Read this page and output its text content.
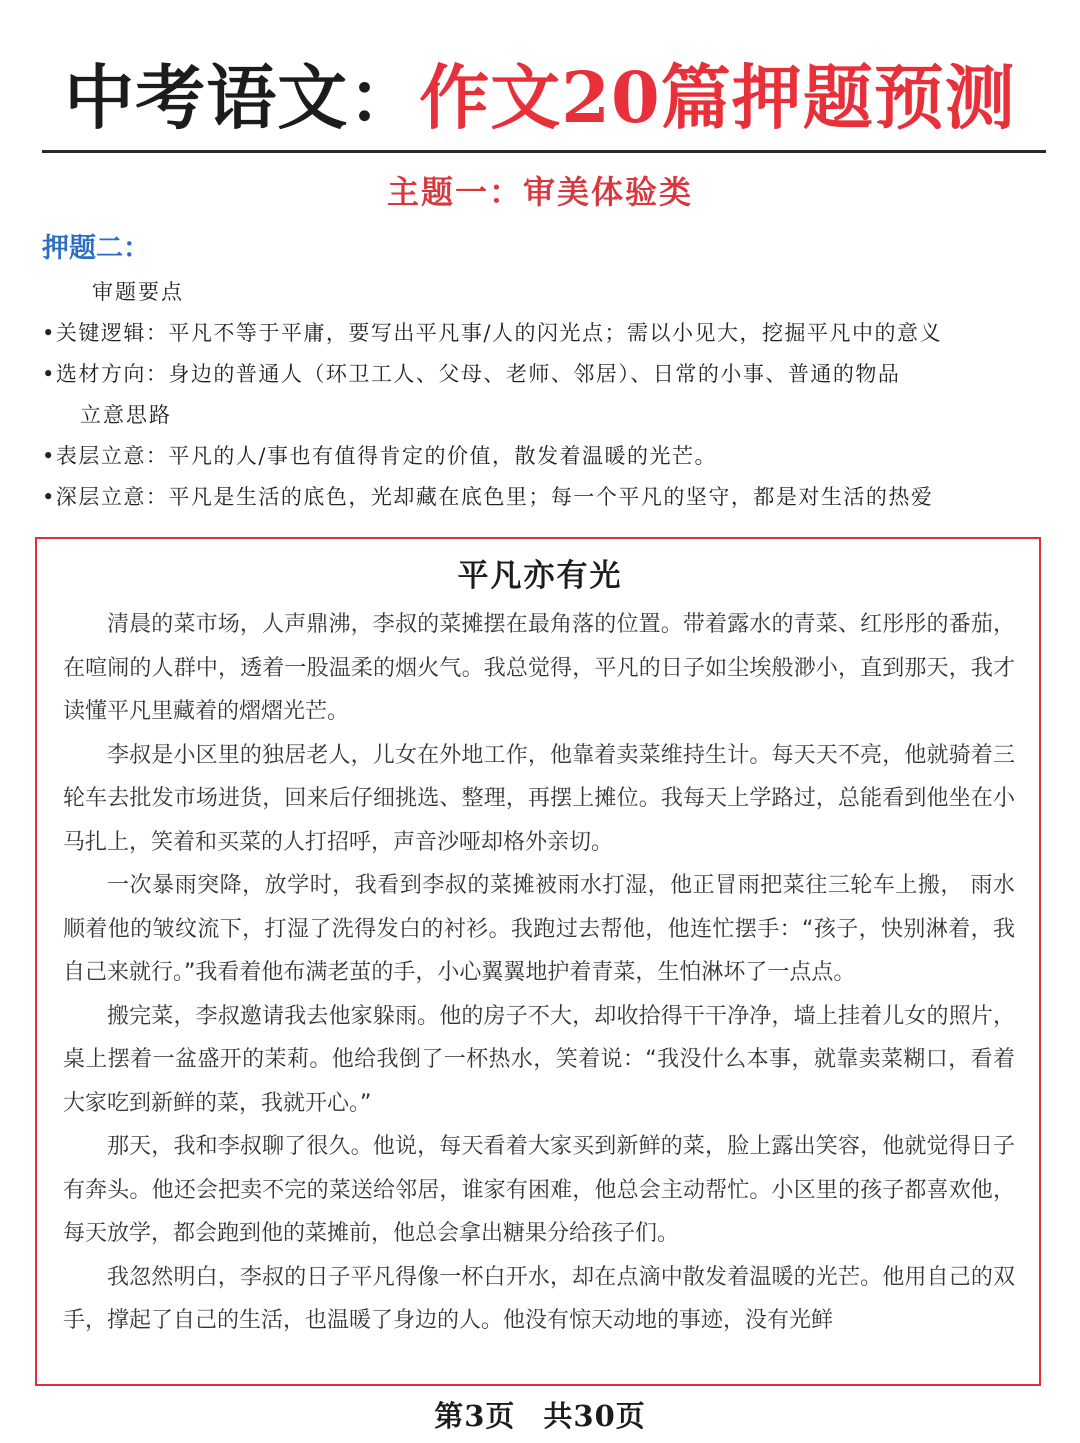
中考语文：作文20篇押题预测
主题一：审美体验类
押题二：
审题要点
•关键逻辑：平凡不等于平庸，要写出平凡事/人的闪光点；需以小见大，挖掘平凡中的意义
•选材方向：身边的普通人（环卫工人、父母、老师、邻居）、日常的小事、普通的物品
立意思路
•表层立意：平凡的人/事也有值得肯定的价值，散发着温暖的光芒。
•深层立意：平凡是生活的底色，光却藏在底色里；每一个平凡的坚守，都是对生活的热爱
平凡亦有光

清晨的菜市场，人声鼎沸，李叔的菜摊摆在最角落的位置。带着露水的青菜、红彤彤的番茄，在喧闹的人群中，透着一股温柔的烟火气。我总觉得，平凡的日子如尘埃般渺小，直到那天，我才读懂平凡里藏着的熠熠光芒。

李叔是小区里的独居老人，儿女在外地工作，他靠着卖菜维持生计。每天天不亮，他就骑着三轮车去批发市场进货，回来后仔细挑选、整理，再摆上摊位。我每天上学路过，总能看到他坐在小马扎上，笑着和买菜的人打招呼，声音沙哑却格外亲切。

一次暴雨突降，放学时，我看到李叔的菜摊被雨水打湿，他正冒雨把菜往三轮车上搬， 雨水顺着他的皱纹流下，打湿了洗得发白的衬衫。我跑过去帮他，他连忙摆手：“孩子，快别淋着，我自己来就行。”我看着他布满老茧的手，小心翼翼地护着青菜，生怕淋坏了一点点。

搬完菜，李叔邀请我去他家躲雨。他的房子不大，却收拾得干干净净，墙上挂着儿女的照片，桌上摆着一盆盛开的茉莉。他给我倒了一杯热水，笑着说：“我没什么本事，就靠卖菜糊口，看着大家吃到新鲜的菜，我就开心。”

那天，我和李叔聊了很久。他说，每天看着大家买到新鲜的菜，脸上露出笑容，他就觉得日子有奔头。他还会把卖不完的菜送给邻居，谁家有困难，他总会主动帮忙。小区里的孩子都喜欢他，每天放学，都会跑到他的菜摊前，他总会拿出糖果分给孩子们。

我忽然明白，李叔的日子平凡得像一杯白开水，却在点滴中散发着温暖的光芒。他用自己的双手，撑起了自己的生活，也温暖了身边的人。他没有惊天动地的事迹，没有光鲜

第3页 共30页
